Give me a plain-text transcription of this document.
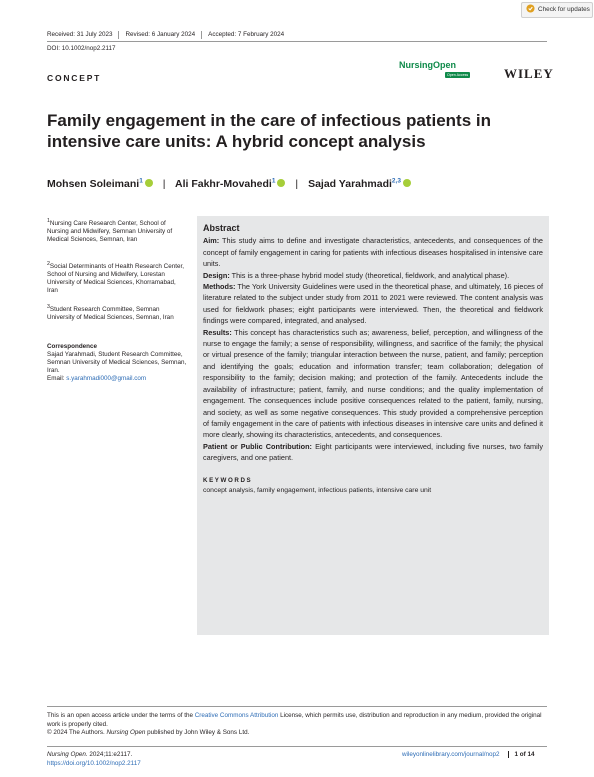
Check for updates
Received: 31 July 2023	Revised: 6 January 2024	Accepted: 7 February 2024
DOI: 10.1002/nop2.2117
CONCEPT
NursingOpen
Open Access	WILEY
Family engagement in the care of infectious patients in intensive care units: A hybrid concept analysis
Mohsen Soleimani$^1$ | Ali Fakhr-Movahedi$^1$ | Sajad Yarahmadi$^{2,3}$

$^1$Nursing Care Research Center, School of Nursing and Midwifery, Semnan University of Medical Sciences, Semnan, Iran

$^2$Social Determinants of Health Research Center, School of Nursing and Midwifery, Lorestan University of Medical Sciences, Khorramabad, Iran

$^3$Student Research Committee, Semnan University of Medical Sciences, Semnan, Iran

Correspondence

Sajad Yarahmadi, Student Research Committee, Semnan University of Medical Sciences, Semnan, Iran.

Email: s.yarahmadi000@gmail.com

Abstract

Aim: This study aims to define and investigate characteristics, antecedents, and consequences of the concept of family engagement in caring for patients with infectious diseases hospitalised in intensive care units.

Design: This is a three-phase hybrid model study (theoretical, fieldwork, and analytical phase).

Methods: The York University Guidelines were used in the theoretical phase, and ultimately, 16 pieces of literature related to the subject under study from 2011 to 2021 were reviewed. The content analysis was used for fieldwork phases; eight participants were interviewed. Then, the theoretical and fieldwork findings were compared, integrated, and analysed.

Results: This concept has characteristics such as; awareness, belief, perception, and willingness of the nurse to engage the family; a sense of responsibility, willingness, and sacrifice of the family; the physical or virtual presence of the family; triangular interaction between the nurse, patient, and family; perception and identifying the goals; education and information transfer; team collaboration; delegation of responsibility to the family; decision making; and protection of the family. Antecedents include the availability of infrastructure; patient, family, and nurse conditions; and the quality implementation of engagement. The consequences include positive consequences related to the patient, family, nursing, and society, as well as some negative consequences. This study provided a comprehensive perception of family engagement in the care of patients with infectious diseases in intensive care units and defined it more clearly, showing its characteristics, antecedents, and consequences.

Patient or Public Contribution: Eight participants were interviewed, including five nurses, two family caregivers, and one patient.

KEYWORDS
concept analysis, family engagement, infectious patients, intensive care unit
This is an open access article under the terms of the Creative Commons Attribution License, which permits use, distribution and reproduction in any medium, provided the original work is properly cited.
© 2024 The Authors. Nursing Open published by John Wiley & Sons Ltd.
Nursing Open. 2024;11:e2117.
https://doi.org/10.1002/nop2.2117
wileyonlinelibrary.com/journal/nop2	1 of 14
